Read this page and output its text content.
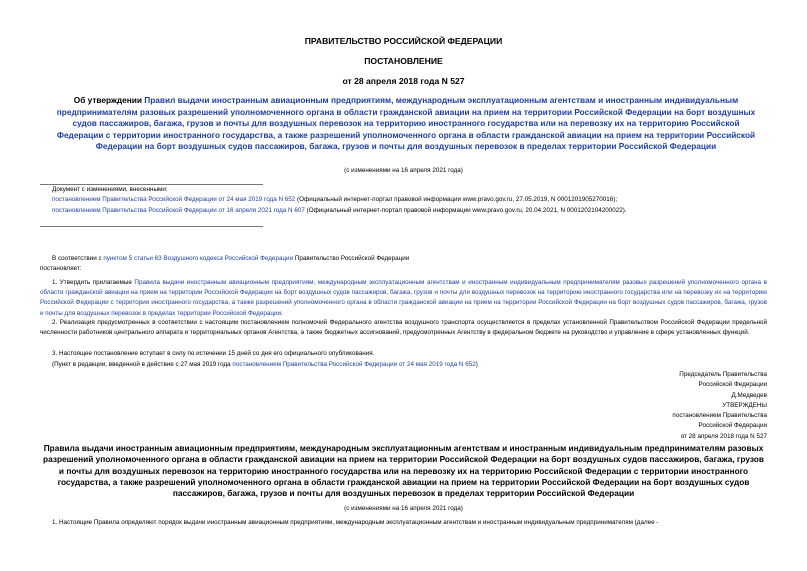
ПРАВИТЕЛЬСТВО РОССИЙСКОЙ ФЕДЕРАЦИИ
ПОСТАНОВЛЕНИЕ
от 28 апреля 2018 года N 527
Об утверждении Правил выдачи иностранным авиационным предприятиям, международным эксплуатационным агентствам и иностранным индивидуальным предпринимателям разовых разрешений уполномоченного органа в области гражданской авиации на прием на территории Российской Федерации на борт воздушных судов пассажиров, багажа, грузов и почты для воздушных перевозок на территорию иностранного государства или на перевозку их на территорию Российской Федерации с территории иностранного государства, а также разрешений уполномоченного органа в области гражданской авиации на прием на территории Российской Федерации на борт воздушных судов пассажиров, багажа, грузов и почты для воздушных перевозок в пределах территории Российской Федерации
(с изменениями на 16 апреля 2021 года)
Документ с изменениями, внесенными:
постановлением Правительства Российской Федерации от 24 мая 2019 года N 652 (Официальный интернет-портал правовой информации www.pravo.gov.ru, 27.05.2019, N 0001201905270016);
постановлением Правительства Российской Федерации от 16 апреля 2021 года N 607 (Официальный интернет-портал правовой информации www.pravo.gov.ru, 20.04.2021, N 0001202104200022).
В соответствии с пунктом 5 статьи 63 Воздушного кодекса Российской Федерации Правительство Российской Федерации
постановляет:
1. Утвердить прилагаемые Правила выдачи иностранным авиационным предприятиям, международным эксплуатационным агентствам и иностранным индивидуальным предпринимателям разовых разрешений уполномоченного органа в области гражданской авиации на прием на территории Российской Федерации на борт воздушных судов пассажиров, багажа, грузов и почты для воздушных перевозок на территорию иностранного государства или на перевозку их на территорию Российской Федерации с территории иностранного государства, а также разрешений уполномоченного органа в области гражданской авиации на прием на территории Российской Федерации на борт воздушных судов пассажиров, багажа, грузов и почты для воздушных перевозок в пределах территории Российской Федерации.
2. Реализация предусмотренных в соответствии с настоящим постановлением полномочий Федерального агентства воздушного транспорта осуществляется в пределах установленной Правительством Российской Федерации предельной численности работников центрального аппарата и территориальных органов Агентства, а также бюджетных ассигнований, предусмотренных Агентству в федеральном бюджете на руководство и управление в сфере установленных функций.
3. Настоящее постановление вступает в силу по истечении 15 дней со дня его официального опубликования.
(Пункт в редакции, введенной в действие с 27 мая 2019 года постановлением Правительства Российской Федерации от 24 мая 2019 года N 652)
Председатель Правительства
Российской Федерации
Д.Медведев
УТВЕРЖДЕНЫ
постановлением Правительства
Российской Федерации
от 28 апреля 2018 года N 527
Правила выдачи иностранным авиационным предприятиям, международным эксплуатационным агентствам и иностранным индивидуальным предпринимателям разовых разрешений уполномоченного органа в области гражданской авиации на прием на территории Российской Федерации на борт воздушных судов пассажиров, багажа, грузов и почты для воздушных перевозок на территорию иностранного государства или на перевозку их на территорию Российской Федерации с территории иностранного государства, а также разрешений уполномоченного органа в области гражданской авиации на прием на территории Российской Федерации на борт воздушных судов пассажиров, багажа, грузов и почты для воздушных перевозок в пределах территории Российской Федерации
(с изменениями на 16 апреля 2021 года)
1. Настоящие Правила определяют порядок выдачи иностранным авиационным предприятиям, международным эксплуатационным агентствам и иностранным индивидуальным предпринимателям (далее -
